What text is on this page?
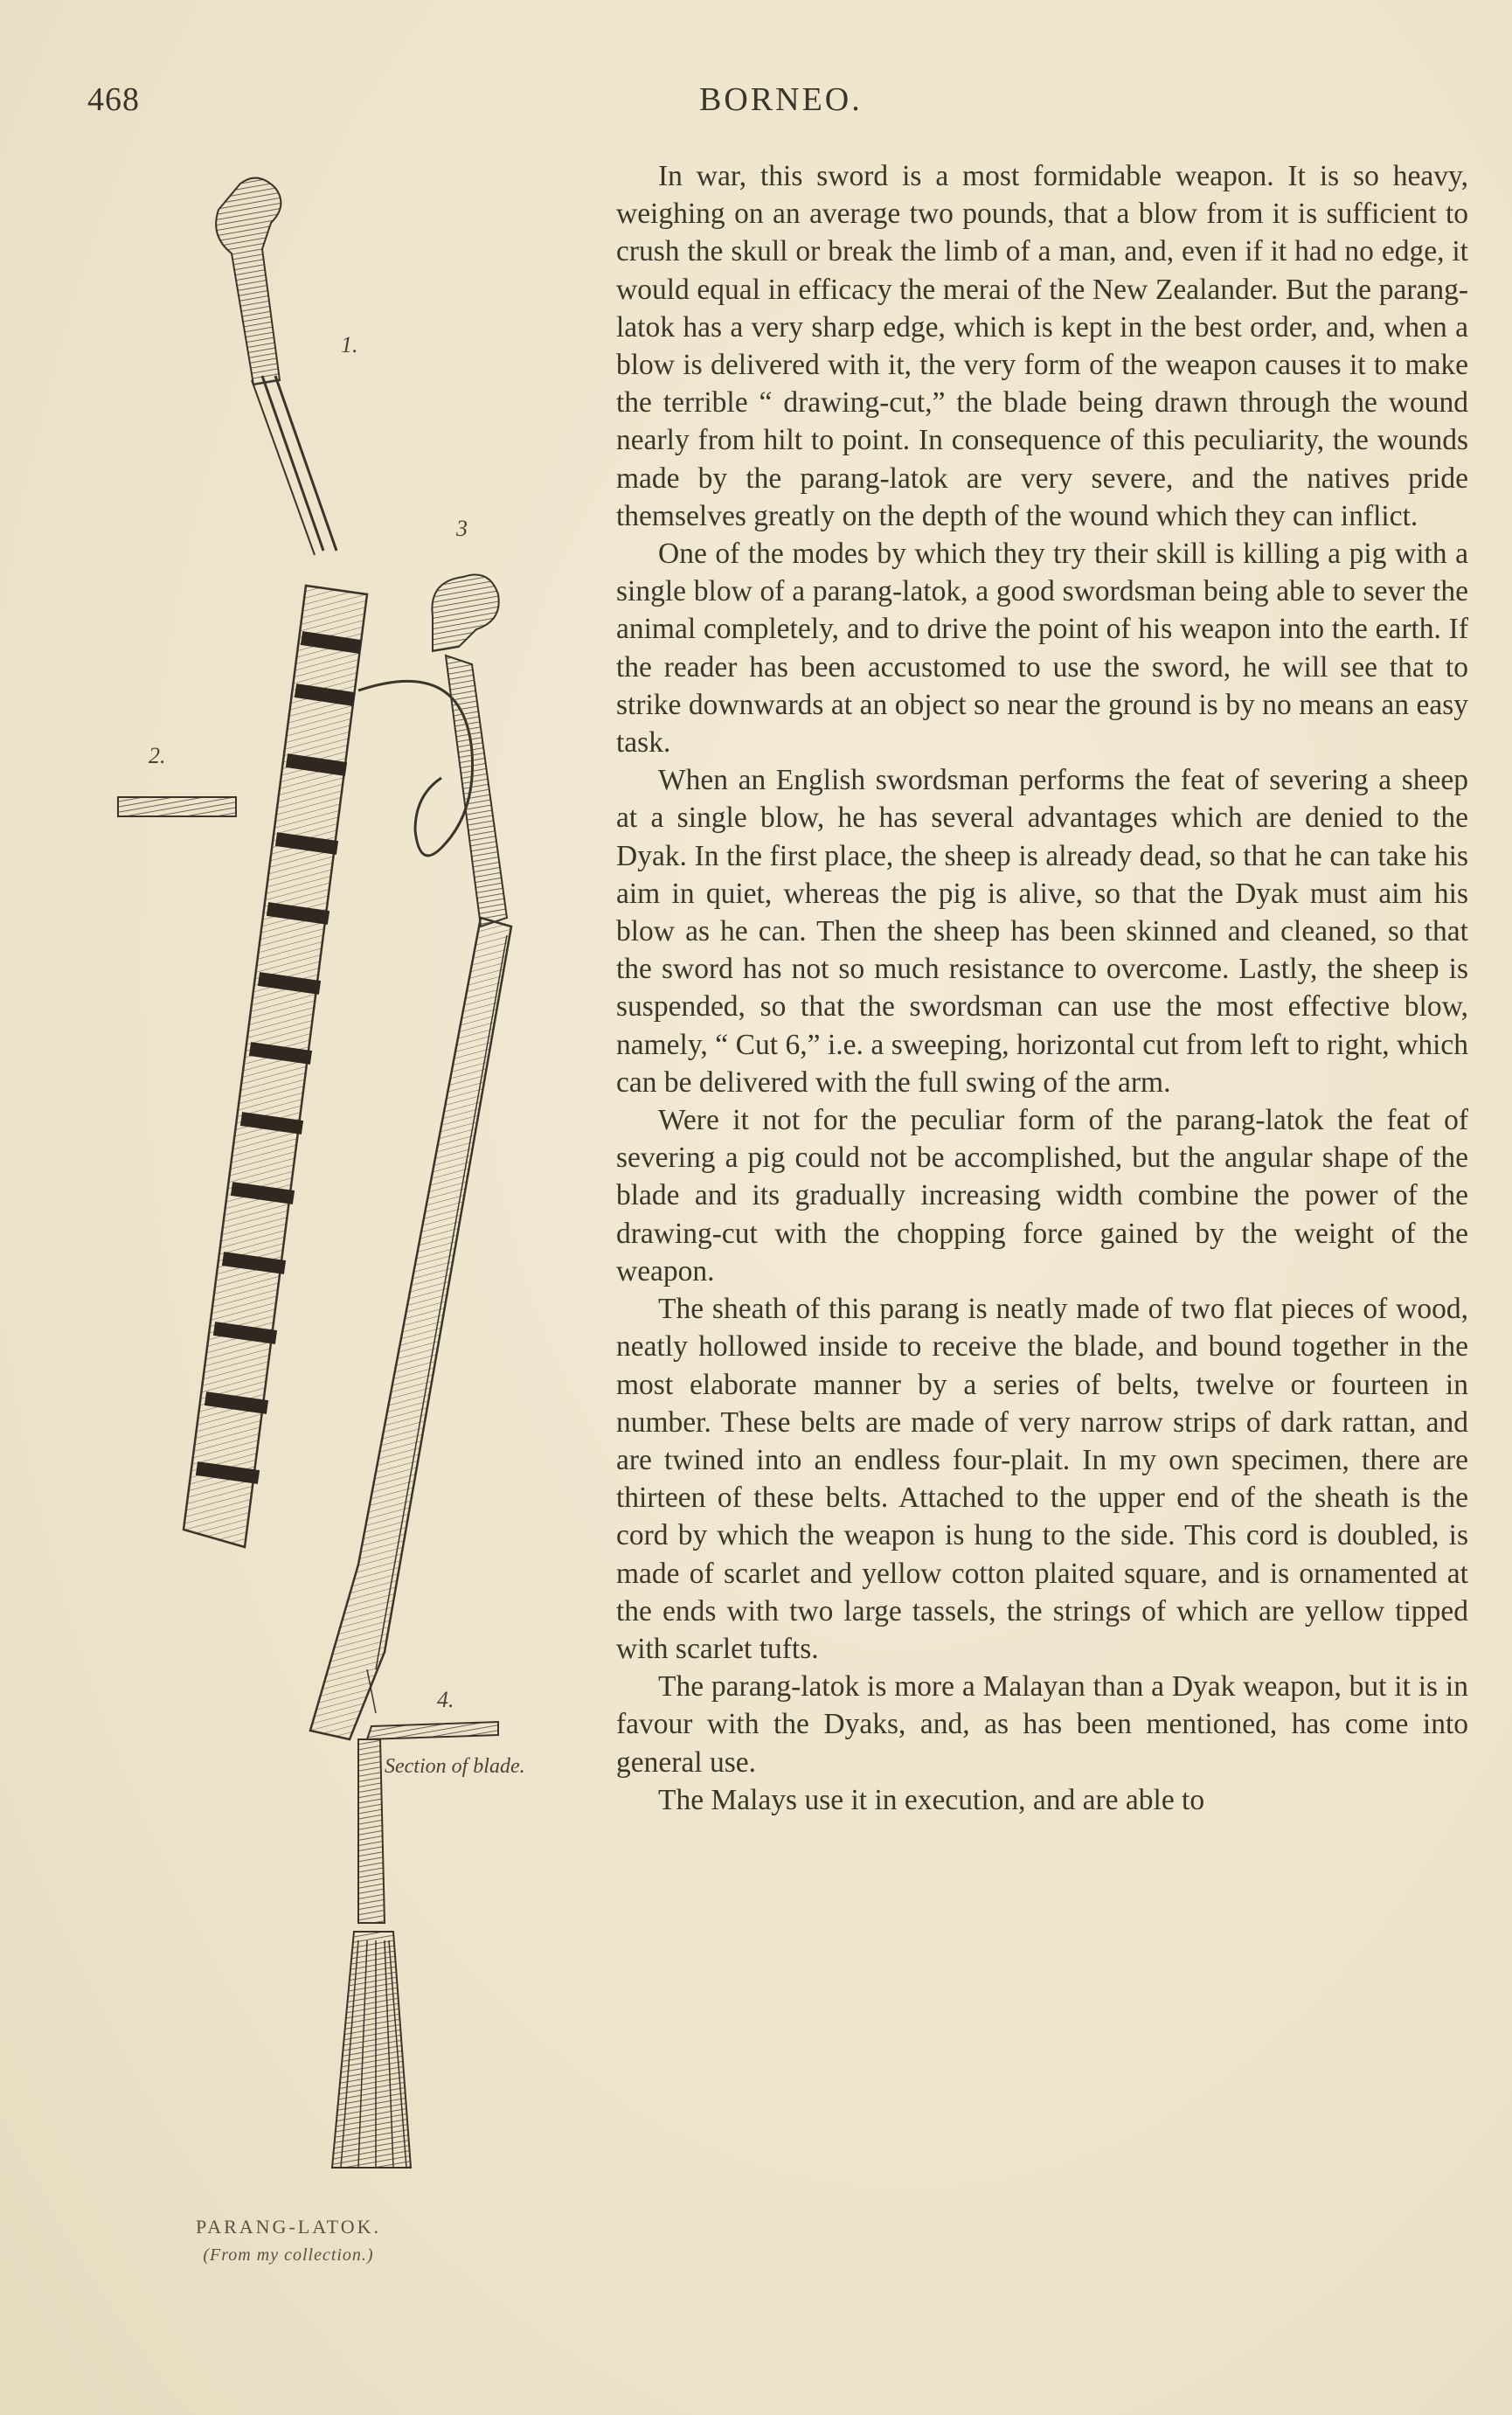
468	BORNEO.
1.
2.
3
4.
Section of blade.
PARANG-LATOK.
(From my collection.)

In war, this sword is a most formidable weapon. It is so heavy, weighing on an average two pounds, that a blow from it is sufficient to crush the skull or break the limb of a man, and, even if it had no edge, it would equal in efficacy the merai of the New Zealander. But the parang-latok has a very sharp edge, which is kept in the best order, and, when a blow is delivered with it, the very form of the weapon causes it to make the terrible “ drawing-cut,” the blade being drawn through the wound nearly from hilt to point. In consequence of this peculiarity, the wounds made by the parang-latok are very severe, and the natives pride themselves greatly on the depth of the wound which they can inflict.

One of the modes by which they try their skill is killing a pig with a single blow of a parang-latok, a good swordsman being able to sever the animal completely, and to drive the point of his weapon into the earth. If the reader has been accustomed to use the sword, he will see that to strike downwards at an object so near the ground is by no means an easy task.

When an English swordsman performs the feat of severing a sheep at a single blow, he has several advantages which are denied to the Dyak. In the first place, the sheep is already dead, so that he can take his aim in quiet, whereas the pig is alive, so that the Dyak must aim his blow as he can. Then the sheep has been skinned and cleaned, so that the sword has not so much resistance to overcome. Lastly, the sheep is suspended, so that the swordsman can use the most effective blow, namely, “ Cut 6,” i.e. a sweeping, horizontal cut from left to right, which can be delivered with the full swing of the arm.

Were it not for the peculiar form of the parang-latok the feat of severing a pig could not be accomplished, but the angular shape of the blade and its gradually increasing width combine the power of the drawing-cut with the chopping force gained by the weight of the weapon.

The sheath of this parang is neatly made of two flat pieces of wood, neatly hollowed inside to receive the blade, and bound together in the most elaborate manner by a series of belts, twelve or fourteen in number. These belts are made of very narrow strips of dark rattan, and are twined into an endless four-plait. In my own specimen, there are thirteen of these belts. Attached to the upper end of the sheath is the cord by which the weapon is hung to the side. This cord is doubled, is made of scarlet and yellow cotton plaited square, and is ornamented at the ends with two large tassels, the strings of which are yellow tipped with scarlet tufts.

The parang-latok is more a Malayan than a Dyak weapon, but it is in favour with the Dyaks, and, as has been mentioned, has come into general use.

The Malays use it in execution, and are able to
